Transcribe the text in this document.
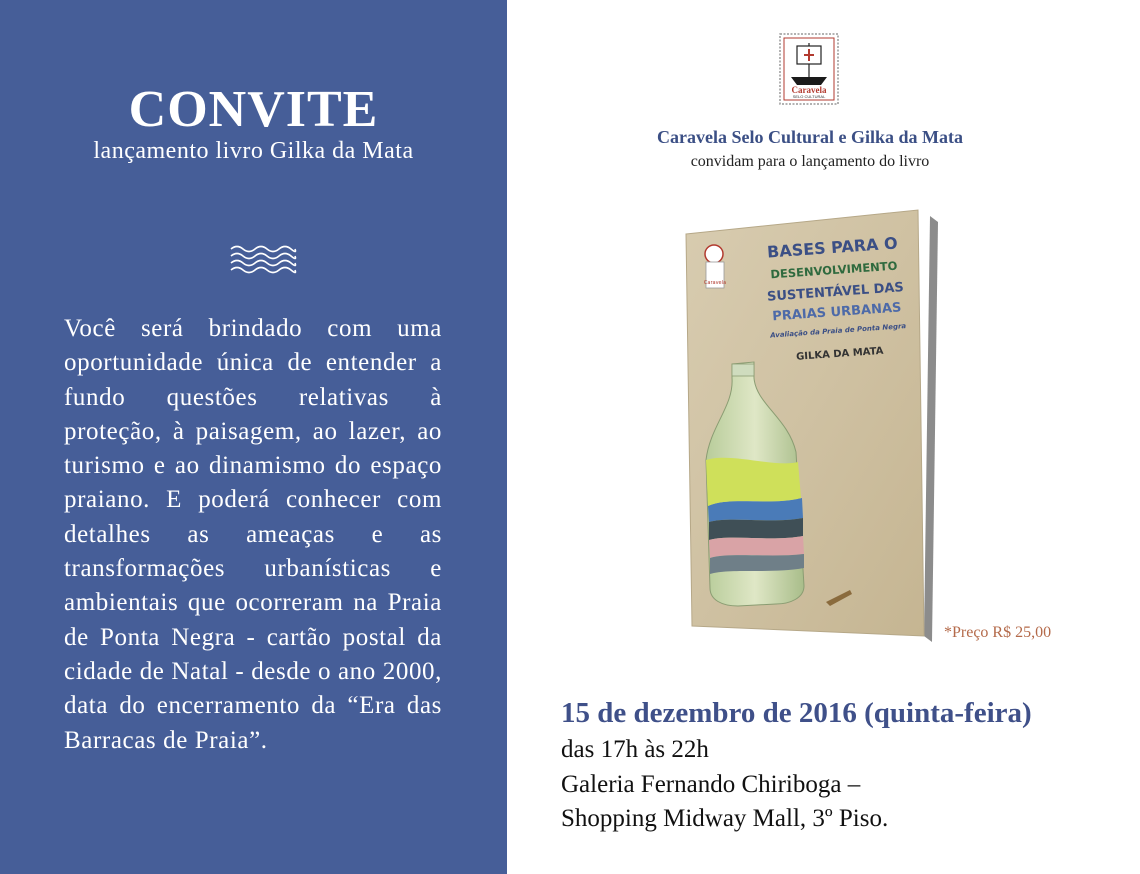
CONVITE
lançamento livro Gilka da Mata

Você será brindado com uma oportunidade única de entender a fundo questões relativas à proteção, à paisagem, ao lazer, ao turismo e ao dinamismo do espaço praiano. E poderá conhecer com detalhes as ameaças e as transformações urbanísticas e ambientais que ocorreram na Praia de Ponta Negra - cartão postal da cidade de Natal - desde o ano 2000, data do encerramento da “Era das Barracas de Praia”.

Caravela
SELO CULTURAL
Caravela Selo Cultural e Gilka da Mata
convidam para o lançamento do livro
Caravela
BASES PARA O
DESENVOLVIMENTO
SUSTENTÁVEL DAS
PRAIAS URBANAS
Avaliação da Praia de Ponta Negra
GILKA DA MATA
*Preço R$ 25,00
15 de dezembro de 2016 (quinta-feira)
das 17h às 22h
Galeria Fernando Chiriboga –
Shopping Midway Mall, 3º Piso.
